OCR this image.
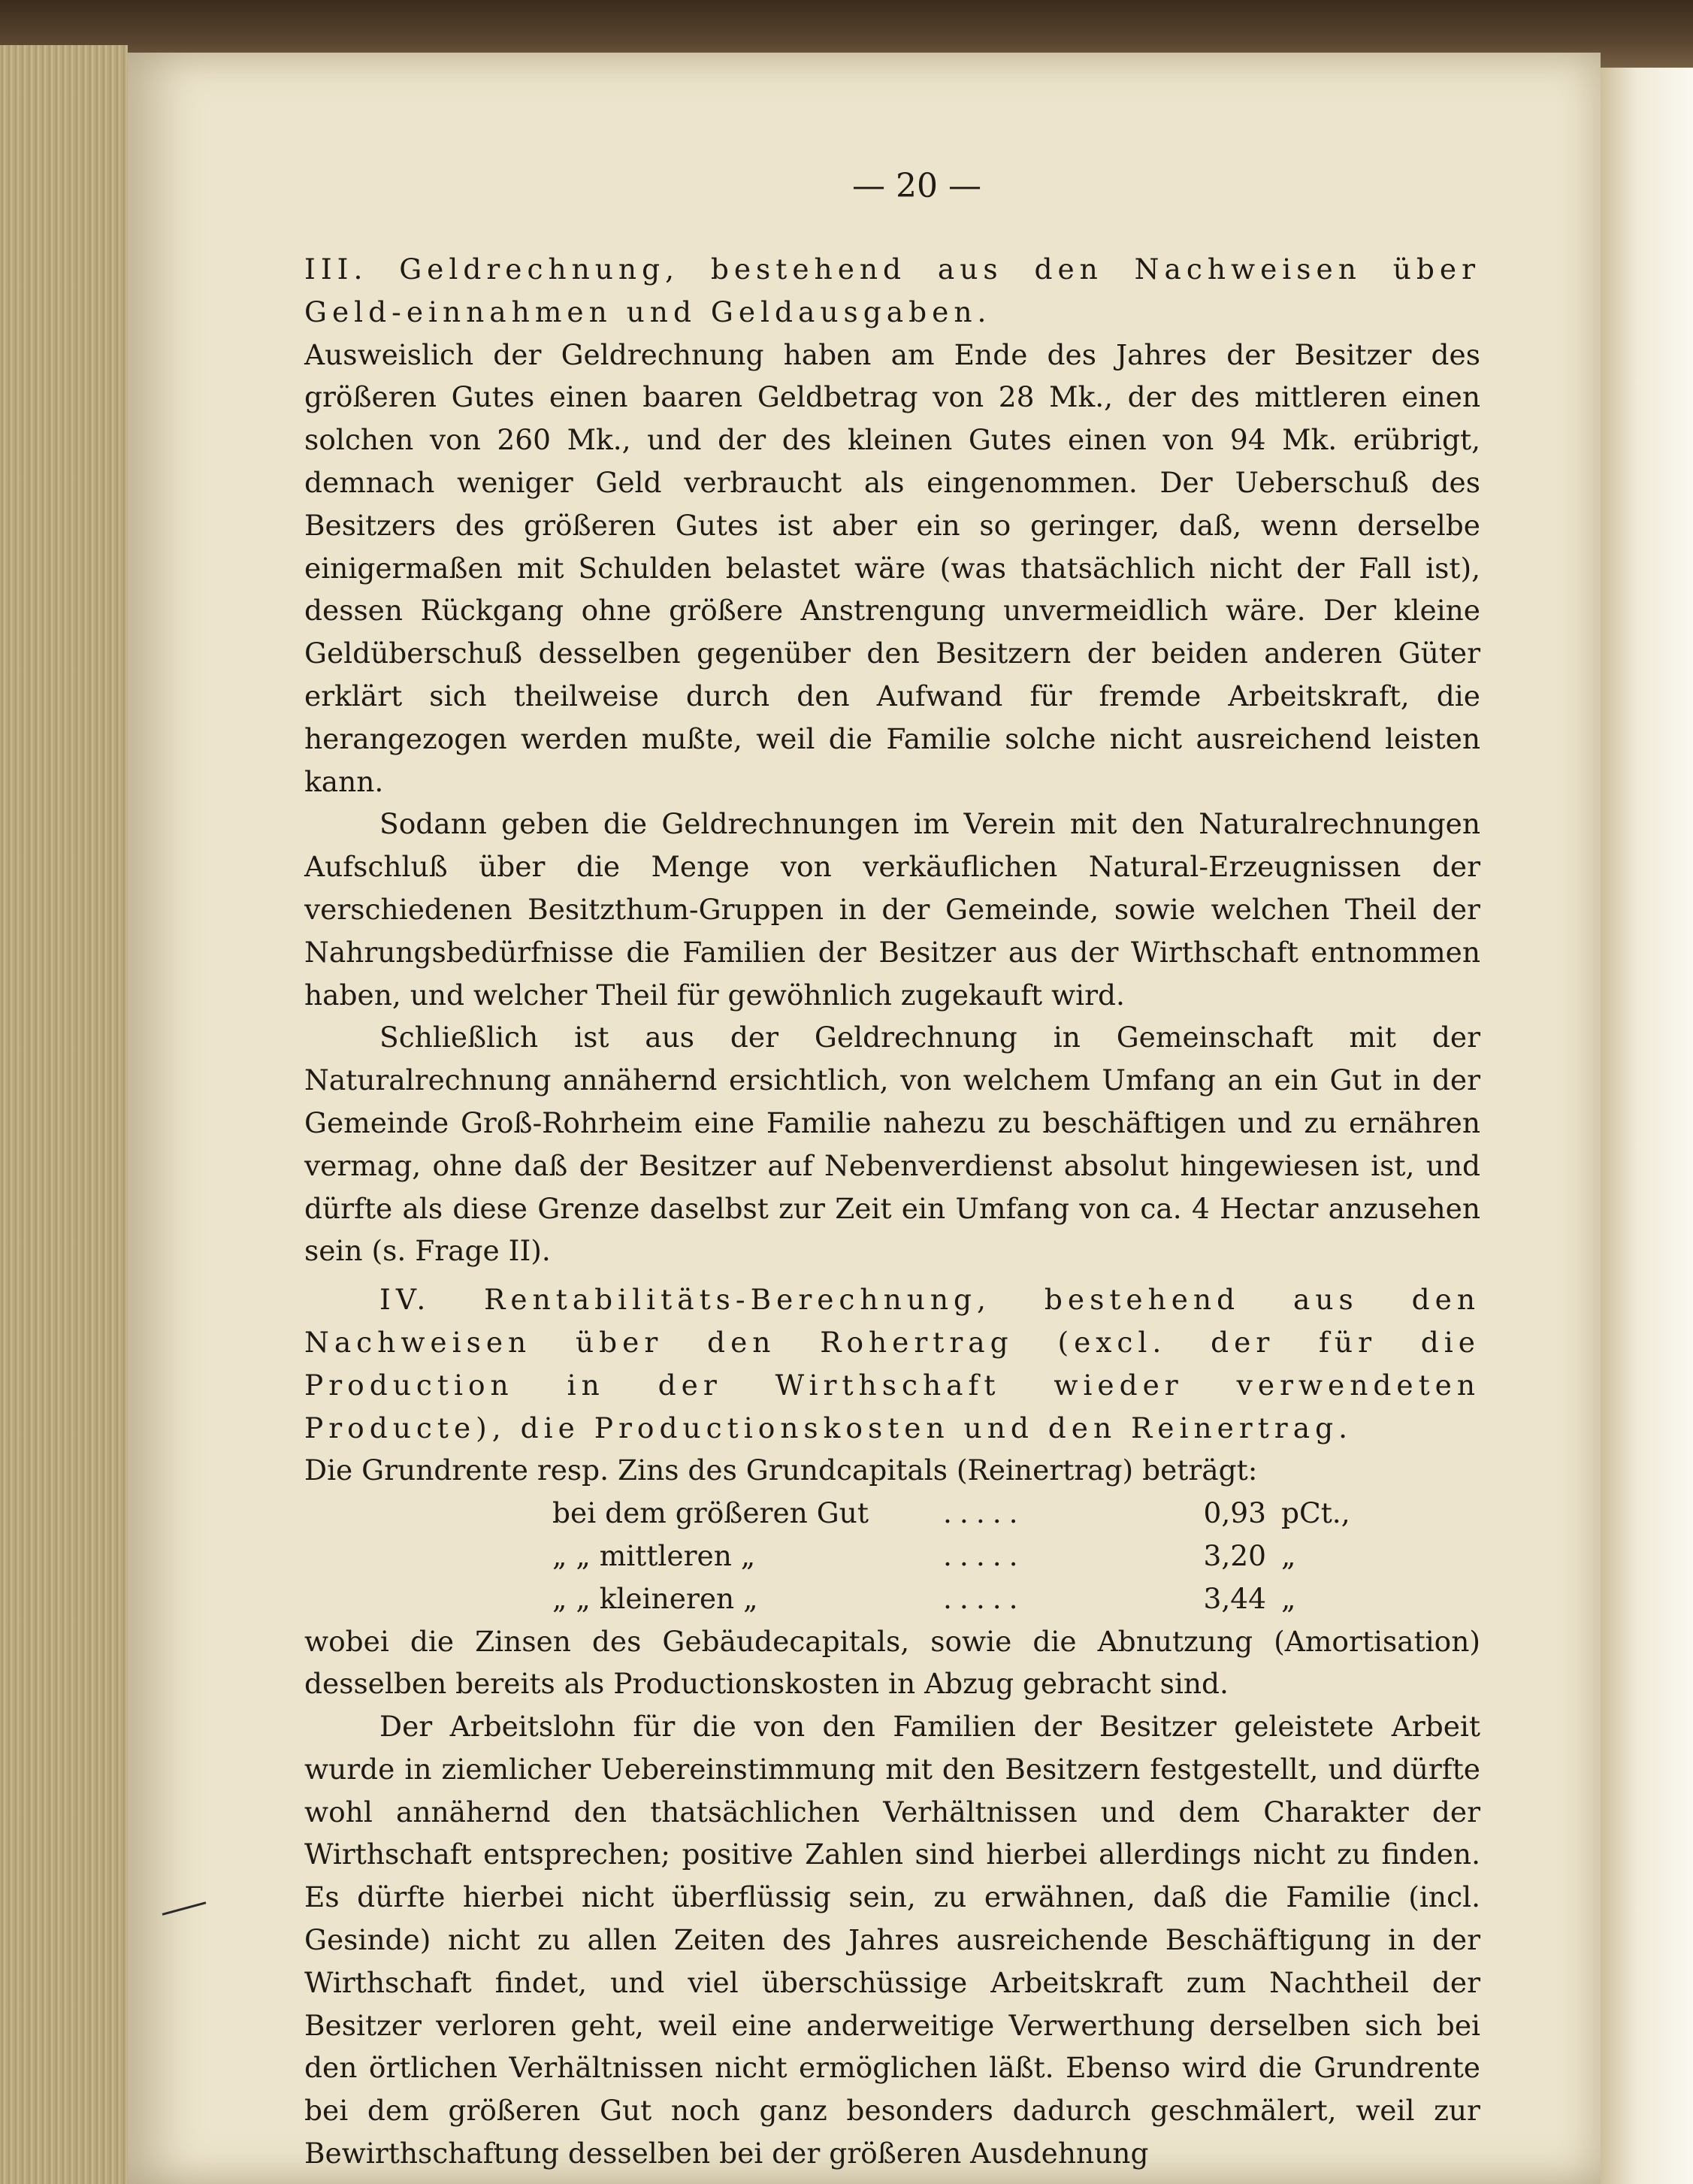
— 20 —

III. Geldrechnung, bestehend aus den Nachweisen über Geld-einnahmen und Geldausgaben.

Ausweislich der Geldrechnung haben am Ende des Jahres der Besitzer des größeren Gutes einen baaren Geldbetrag von 28 Mk., der des mittleren einen solchen von 260 Mk., und der des kleinen Gutes einen von 94 Mk. erübrigt, demnach weniger Geld verbraucht als eingenommen. Der Ueberschuß des Besitzers des größeren Gutes ist aber ein so geringer, daß, wenn derselbe einigermaßen mit Schulden belastet wäre (was thatsächlich nicht der Fall ist), dessen Rückgang ohne größere Anstrengung unvermeidlich wäre. Der kleine Geldüberschuß desselben gegenüber den Besitzern der beiden anderen Güter erklärt sich theilweise durch den Aufwand für fremde Arbeitskraft, die herangezogen werden mußte, weil die Familie solche nicht ausreichend leisten kann.

Sodann geben die Geldrechnungen im Verein mit den Naturalrechnungen Aufschluß über die Menge von verkäuflichen Natural-Erzeugnissen der verschiedenen Besitzthum-Gruppen in der Gemeinde, sowie welchen Theil der Nahrungsbedürfnisse die Familien der Besitzer aus der Wirthschaft entnommen haben, und welcher Theil für gewöhnlich zugekauft wird.

Schließlich ist aus der Geldrechnung in Gemeinschaft mit der Naturalrechnung annähernd ersichtlich, von welchem Umfang an ein Gut in der Gemeinde Groß-Rohrheim eine Familie nahezu zu beschäftigen und zu ernähren vermag, ohne daß der Besitzer auf Nebenverdienst absolut hingewiesen ist, und dürfte als diese Grenze daselbst zur Zeit ein Umfang von ca. 4 Hectar anzusehen sein (s. Frage II).

IV. Rentabilitäts-Berechnung, bestehend aus den Nachweisen über den Rohertrag (excl. der für die Production in der Wirthschaft wieder verwendeten Producte), die Productionskosten und den Reinertrag.

Die Grundrente resp. Zins des Grundcapitals (Reinertrag) beträgt:

bei dem größeren Gut	.....	0,93 pCt.,
„ „ mittleren „	.....	3,20 „
„ „ kleineren „	.....	3,44 „

wobei die Zinsen des Gebäudecapitals, sowie die Abnutzung (Amortisation) desselben bereits als Productionskosten in Abzug gebracht sind.

Der Arbeitslohn für die von den Familien der Besitzer geleistete Arbeit wurde in ziemlicher Uebereinstimmung mit den Besitzern festgestellt, und dürfte wohl annähernd den thatsächlichen Verhältnissen und dem Charakter der Wirthschaft entsprechen; positive Zahlen sind hierbei allerdings nicht zu finden. Es dürfte hierbei nicht überflüssig sein, zu erwähnen, daß die Familie (incl. Gesinde) nicht zu allen Zeiten des Jahres ausreichende Beschäftigung in der Wirthschaft findet, und viel überschüssige Arbeitskraft zum Nachtheil der Besitzer verloren geht, weil eine anderweitige Verwerthung derselben sich bei den örtlichen Verhältnissen nicht ermöglichen läßt. Ebenso wird die Grundrente bei dem größeren Gut noch ganz besonders dadurch geschmälert, weil zur Bewirthschaftung desselben bei der größeren Ausdehnung
